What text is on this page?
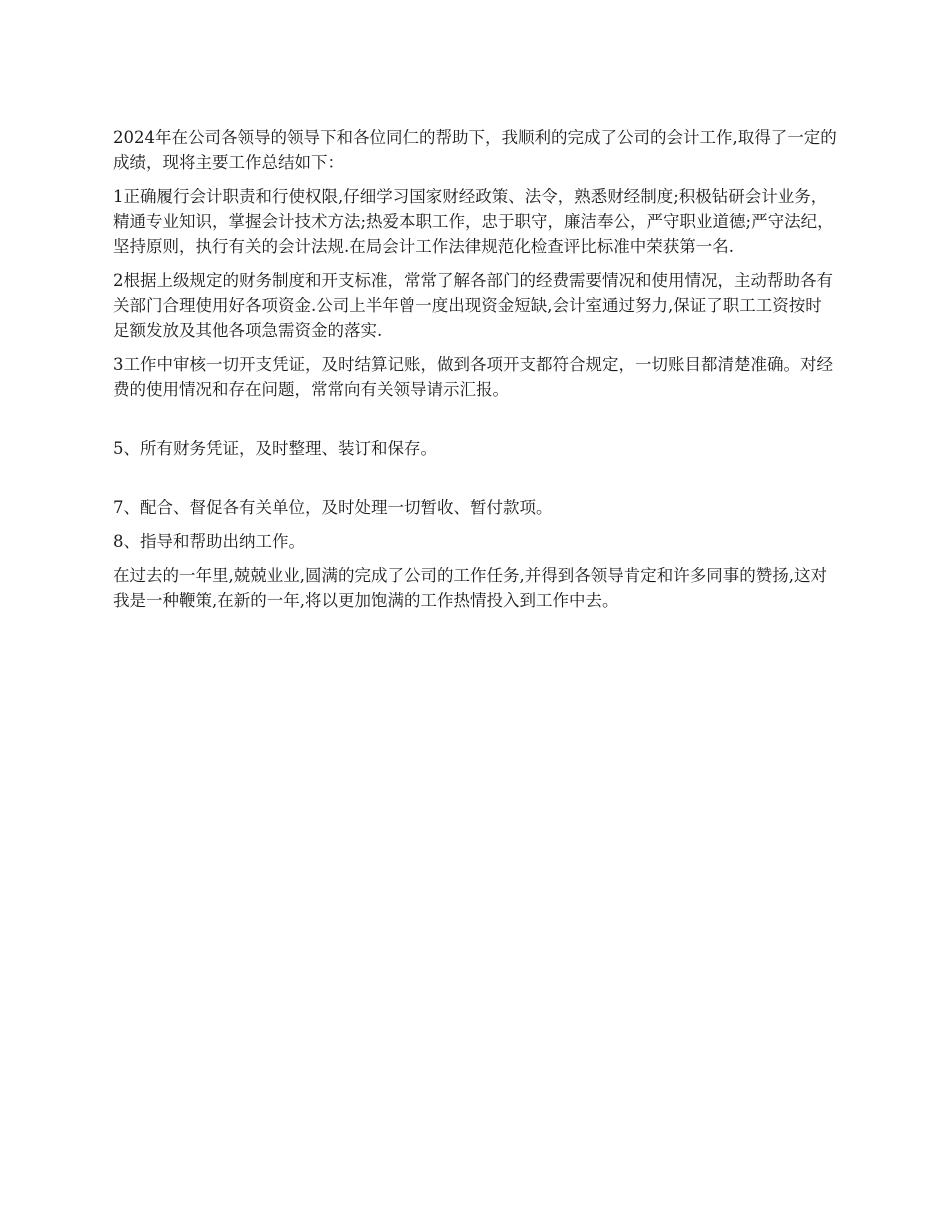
2024年在公司各领导的领导下和各位同仁的帮助下，我顺利的完成了公司的会计工作,取得了一定的成绩，现将主要工作总结如下：

1正确履行会计职责和行使权限,仔细学习国家财经政策、法令，熟悉财经制度;积极钻研会计业务，精通专业知识，掌握会计技术方法;热爱本职工作，忠于职守，廉洁奉公，严守职业道德;严守法纪，坚持原则，执行有关的会计法规.在局会计工作法律规范化检查评比标准中荣获第一名.

2根据上级规定的财务制度和开支标准，常常了解各部门的经费需要情况和使用情况，主动帮助各有关部门合理使用好各项资金.公司上半年曾一度出现资金短缺,会计室通过努力,保证了职工工资按时足额发放及其他各项急需资金的落实.

3工作中审核一切开支凭证，及时结算记账，做到各项开支都符合规定，一切账目都清楚准确。对经费的使用情况和存在问题，常常向有关领导请示汇报。

5、所有财务凭证，及时整理、装订和保存。

7、配合、督促各有关单位，及时处理一切暂收、暂付款项。

8、指导和帮助出纳工作。

在过去的一年里,兢兢业业,圆满的完成了公司的工作任务,并得到各领导肯定和许多同事的赞扬,这对我是一种鞭策,在新的一年,将以更加饱满的工作热情投入到工作中去。
